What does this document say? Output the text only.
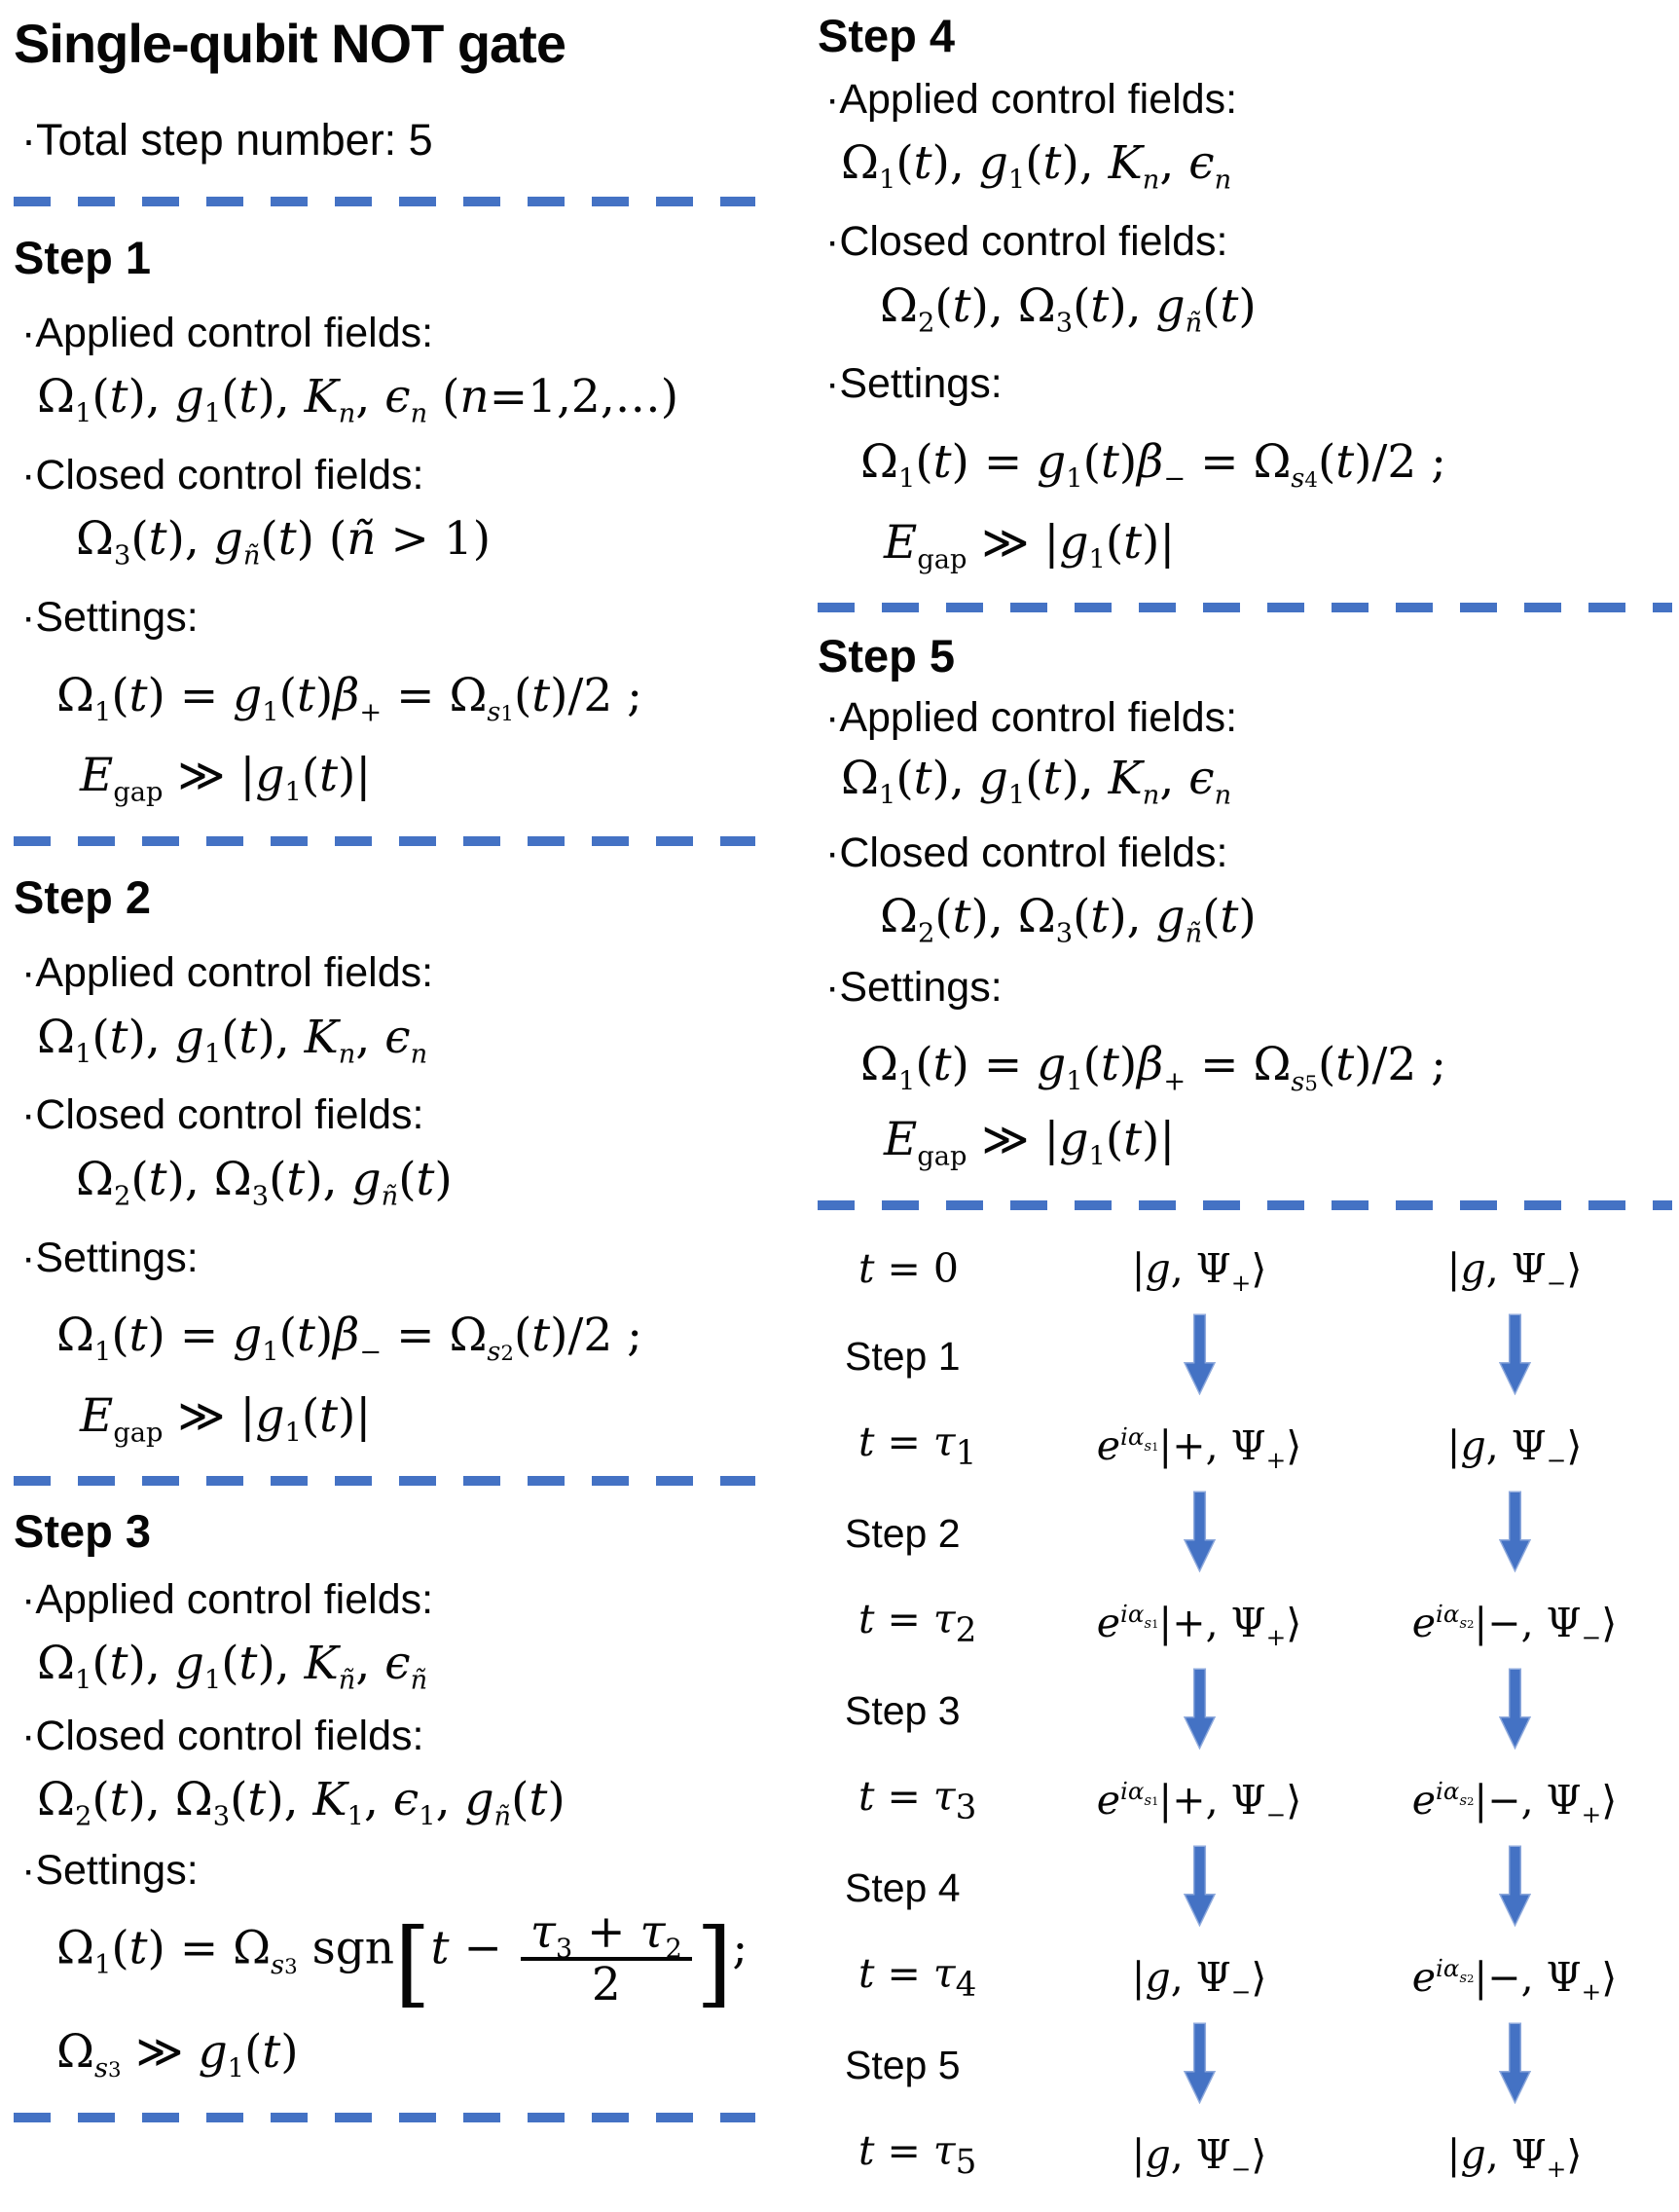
Single-qubit NOT gate
·Total step number: 5
Step 1
·Applied control fields:
$\Omega_1(t)$, $g_1(t)$, $K_n$, $\epsilon_n$ (n=1,2,…)
·Closed control fields:
$\Omega_3(t)$, $g_ñ(t)$ (ñ > 1)
·Settings:
$\Omega_1(t) = g_1(t)\beta_+ = \Omega_{s1}(t)/2$ ;
$E_{gap}$ ≫ $|g_1(t)|$
Step 2
·Applied control fields:
$\Omega_1(t)$, $g_1(t)$, $K_n$, $\epsilon_n$
·Closed control fields:
$\Omega_2(t)$, $\Omega_3(t)$, $g_ñ(t)$
·Settings:
$\Omega_1(t) = g_1(t)\beta_- = \Omega_{s2}(t)/2$ ;
$E_{gap}$ ≫ $|g_1(t)|$
Step 3
·Applied control fields:
$\Omega_1(t)$, $g_1(t)$, $K_ñ$, $\epsilon_ñ$
·Closed control fields:
$\Omega_2(t)$, $\Omega_3(t)$, $K_1$, $\epsilon_1$, $g_ñ(t)$
·Settings:
$\Omega_1(t) = \Omega_{s3}$ $sgn[t - \frac{\tau_3 + \tau_2}{2}$ ];
$\Omega_{s3}$ ≫ $g_1(t)$
Step 4
·Applied control fields:
$\Omega_1(t)$, $g_1(t)$, $K_n$, $\epsilon_n$
·Closed control fields:
$\Omega_2(t)$, $\Omega_3(t)$, $g_ñ(t)$
·Settings:
$\Omega_1(t) = g_1(t)\beta_- = \Omega_{s4}(t)/2$ ;
$E_{gap}$ ≫ $|g_1(t)|$
Step 5
·Applied control fields:
$\Omega_1(t)$, $g_1(t)$, $K_n$, $\epsilon_n$
·Closed control fields:
$\Omega_2(t)$, $\Omega_3(t)$, $g_ñ(t)$
·Settings:
$\Omega_1(t) = g_1(t)\beta_+ = \Omega_{s5}(t)/2$ ;
$E_{gap}$ ≫ $|g_1(t)|$
t = 0	|g, $\Psi_+⟩$	|g, $\Psi_-⟩$
Step 1
$t = \tau_1$	$e^{i\alpha_{s1}}|+$, $\Psi_+⟩$	|g, $\Psi_-⟩$
Step 2
$t = \tau_2$	$e^{i\alpha_{s1}}|+$, $\Psi_+⟩$	$e^{i\alpha_{s2}}|-$, $\Psi_-⟩$
Step 3
$t = \tau_3$	$e^{i\alpha_{s1}}|+$, $\Psi_-⟩$	$e^{i\alpha_{s2}}|-$, $\Psi_+⟩$
Step 4
$t = \tau_4$	|g, $\Psi_-⟩$	$e^{i\alpha_{s2}}|-$, $\Psi_+⟩$
Step 5
$t = \tau_5$	|g, $\Psi_-⟩$	|g, $\Psi_+⟩$
